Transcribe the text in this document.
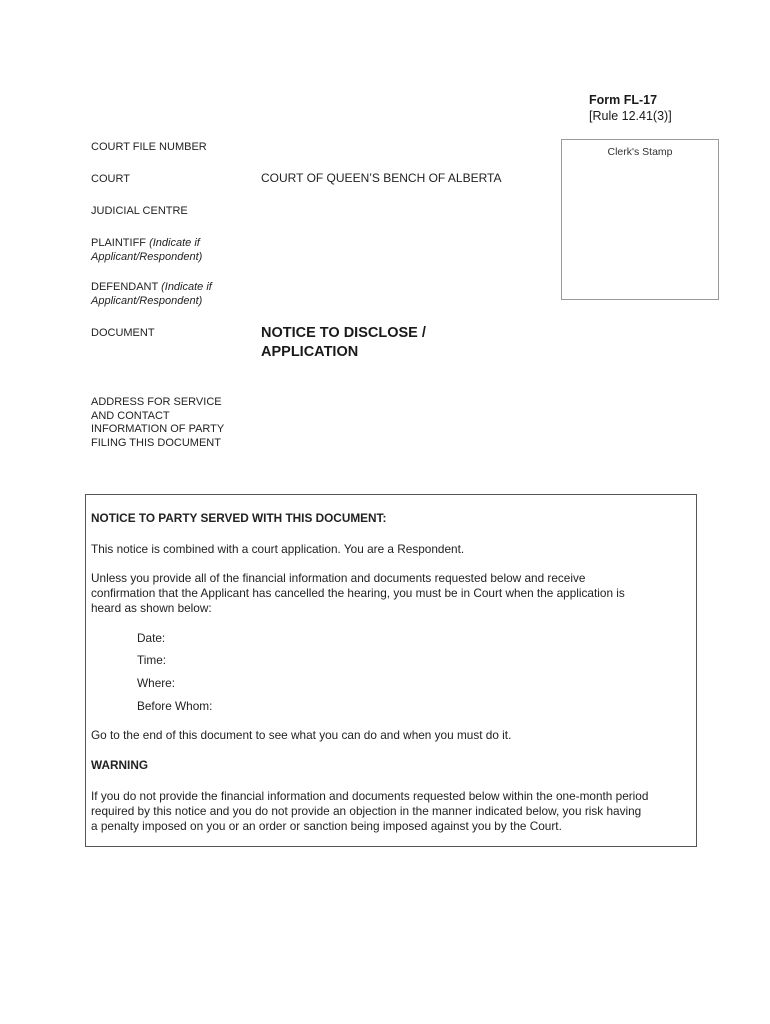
Form FL-17
[Rule 12.41(3)]
Clerk's Stamp
COURT FILE NUMBER
COURT	COURT OF QUEEN’S BENCH OF ALBERTA
JUDICIAL CENTRE
PLAINTIFF (Indicate if
Applicant/Respondent)
DEFENDANT (Indicate if
Applicant/Respondent)
DOCUMENT	NOTICE TO DISCLOSE /
APPLICATION
ADDRESS FOR SERVICE
AND CONTACT
INFORMATION OF PARTY
FILING THIS DOCUMENT
NOTICE TO PARTY SERVED WITH THIS DOCUMENT:
This notice is combined with a court application. You are a Respondent.
Unless you provide all of the financial information and documents requested below and receive
confirmation that the Applicant has cancelled the hearing, you must be in Court when the application is
heard as shown below:
Date:
Time:
Where:
Before Whom:
Go to the end of this document to see what you can do and when you must do it.
WARNING
If you do not provide the financial information and documents requested below within the one-month period
required by this notice and you do not provide an objection in the manner indicated below, you risk having
a penalty imposed on you or an order or sanction being imposed against you by the Court.
